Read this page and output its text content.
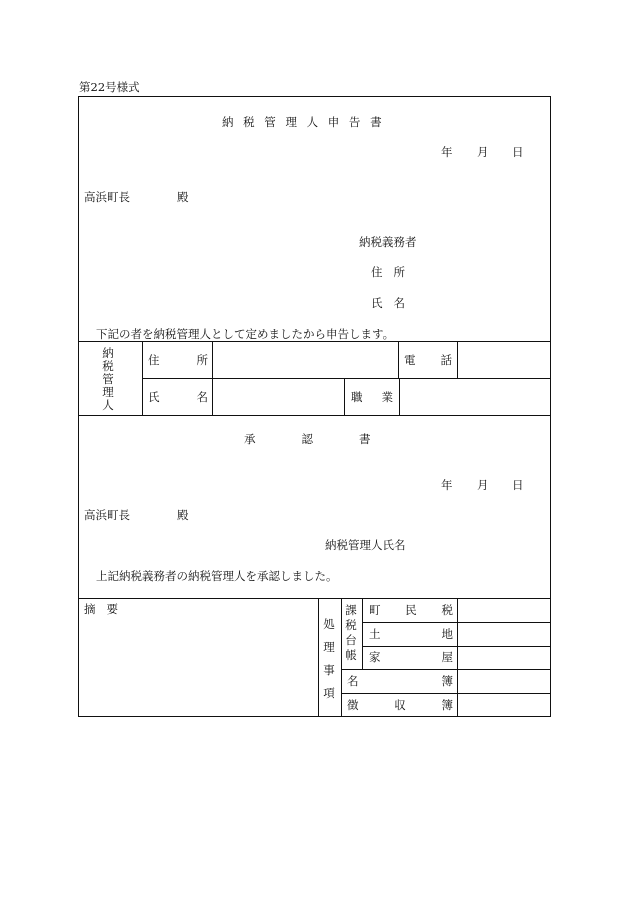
第22号様式
納 税 管 理 人 申 告 書
年 月 日
高浜町長	殿
納税義務者
住 所
氏 名
下記の者を納税管理人として定めましたから申告します。
納税管理人
住	所	電 話
氏	名	職 業
承　　　　認　　　　書
年 月 日
高浜町長	殿
納税管理人氏名
上記納税義務者の納税管理人を承認しました。
摘 要
処理事項
課税台帳
町 民 税
土	地
家	屋
名	簿
徴	収	簿
